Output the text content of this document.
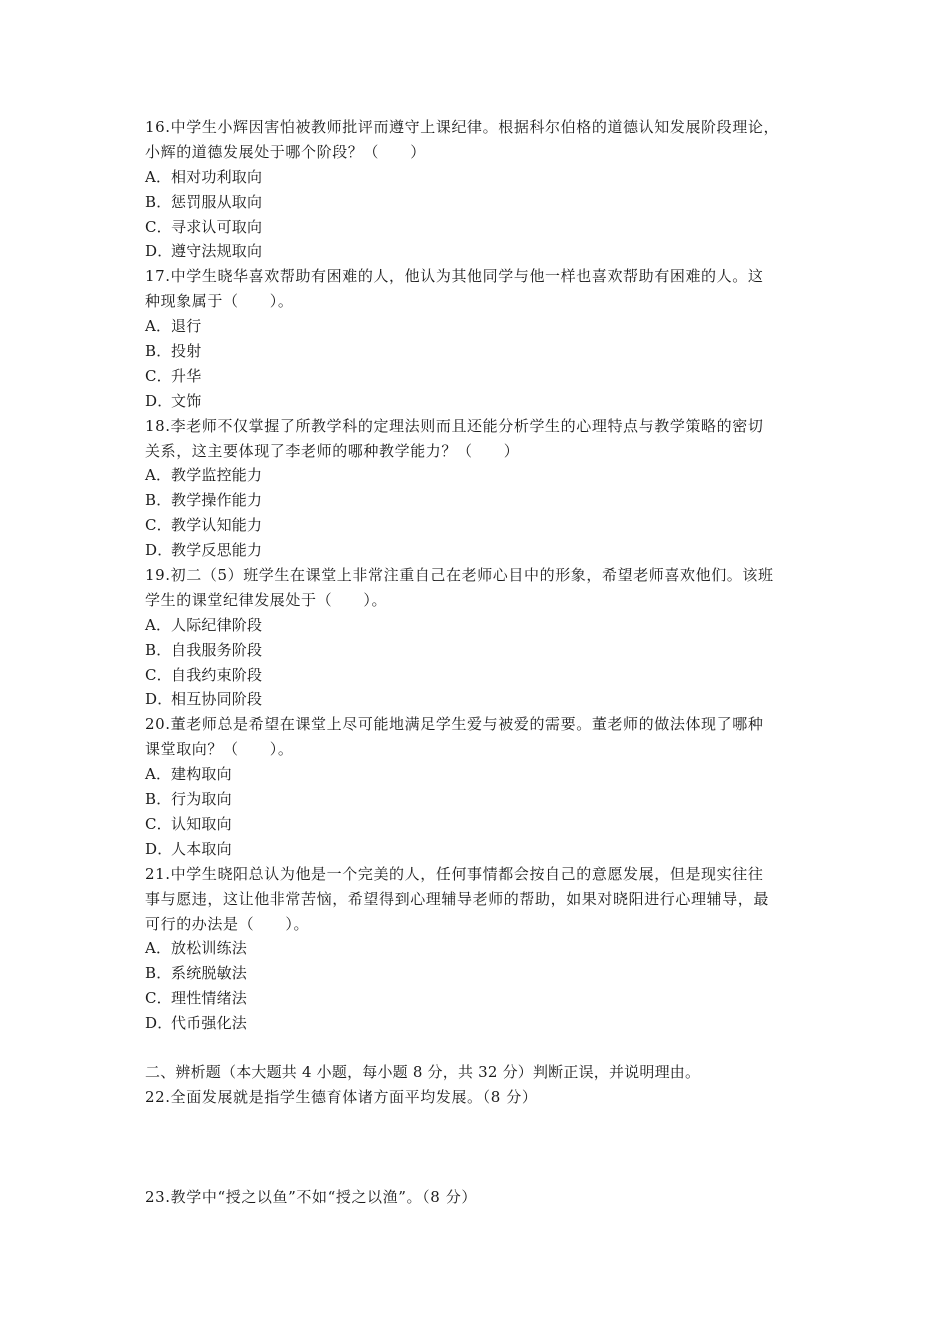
16.中学生小辉因害怕被教师批评而遵守上课纪律。根据科尔伯格的道德认知发展阶段理论，
小辉的道德发展处于哪个阶段？（　　）
A．相对功利取向
B．惩罚服从取向
C．寻求认可取向
D．遵守法规取向
17.中学生晓华喜欢帮助有困难的人，他认为其他同学与他一样也喜欢帮助有困难的人。这
种现象属于（　　）。
A．退行
B．投射
C．升华
D．文饰
18.李老师不仅掌握了所教学科的定理法则而且还能分析学生的心理特点与教学策略的密切
关系，这主要体现了李老师的哪种教学能力？（　　）
A．教学监控能力
B．教学操作能力
C．教学认知能力
D．教学反思能力
19.初二（5）班学生在课堂上非常注重自己在老师心目中的形象，希望老师喜欢他们。该班
学生的课堂纪律发展处于（　　）。
A．人际纪律阶段
B．自我服务阶段
C．自我约束阶段
D．相互协同阶段
20.董老师总是希望在课堂上尽可能地满足学生爱与被爱的需要。董老师的做法体现了哪种
课堂取向？（　　）。
A．建构取向
B．行为取向
C．认知取向
D．人本取向
21.中学生晓阳总认为他是一个完美的人，任何事情都会按自己的意愿发展，但是现实往往
事与愿违，这让他非常苦恼，希望得到心理辅导老师的帮助，如果对晓阳进行心理辅导，最
可行的办法是（　　）。
A．放松训练法
B．系统脱敏法
C．理性情绪法
D．代币强化法
二、辨析题（本大题共 4 小题，每小题 8 分，共 32 分）判断正误，并说明理由。
22.全面发展就是指学生德育体诸方面平均发展。（8 分）
23.教学中“授之以鱼”不如“授之以渔”。（8 分）
